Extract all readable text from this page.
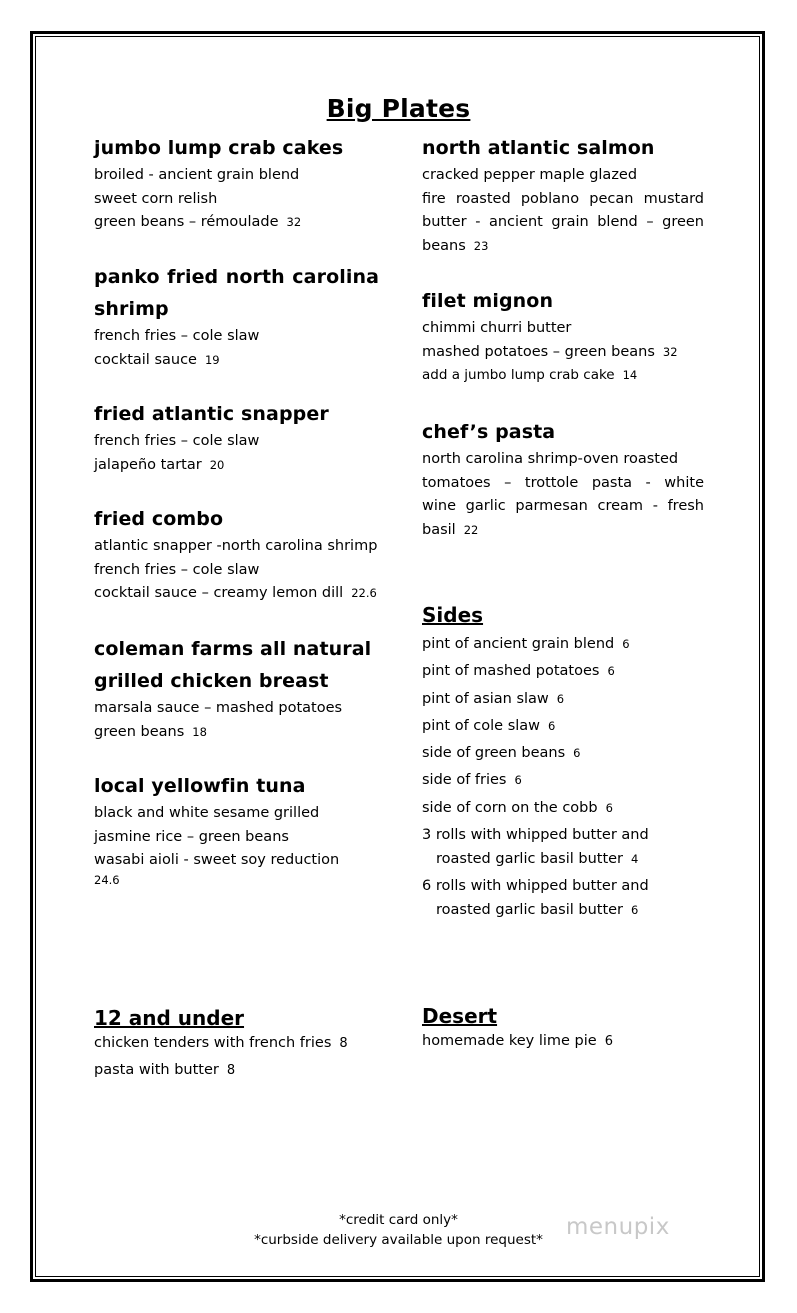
Big Plates
jumbo lump crab cakes
broiled - ancient grain blend
sweet corn relish
green beans – rémoulade 32
panko fried north carolina
shrimp
french fries – cole slaw
cocktail sauce 19
fried atlantic snapper
french fries – cole slaw
jalapeño tartar 20
fried combo
atlantic snapper -north carolina shrimp
french fries – cole slaw
cocktail sauce – creamy lemon dill 22.6
coleman farms all natural
grilled chicken breast
marsala sauce – mashed potatoes
green beans 18
local yellowfin tuna
black and white sesame grilled
jasmine rice – green beans
wasabi aioli - sweet soy reduction
24.6
north atlantic salmon
cracked pepper maple glazed
fire roasted poblano pecan mustard
butter - ancient grain blend – green
beans 23
filet mignon
chimmi churri butter
mashed potatoes – green beans 32
add a jumbo lump crab cake 14
chef’s pasta
north carolina shrimp-oven roasted
tomatoes – trottole pasta - white
wine garlic parmesan cream - fresh
basil 22
Sides
pint of ancient grain blend 6
pint of mashed potatoes 6
pint of asian slaw 6
pint of cole slaw 6
side of green beans 6
side of fries 6
side of corn on the cobb 6
3 rolls with whipped butter and
roasted garlic basil butter 4
6 rolls with whipped butter and
roasted garlic basil butter 6
12 and under
chicken tenders with french fries 8
pasta with butter 8
Desert
homemade key lime pie 6
*credit card only*
*curbside delivery available upon request*	menupix
